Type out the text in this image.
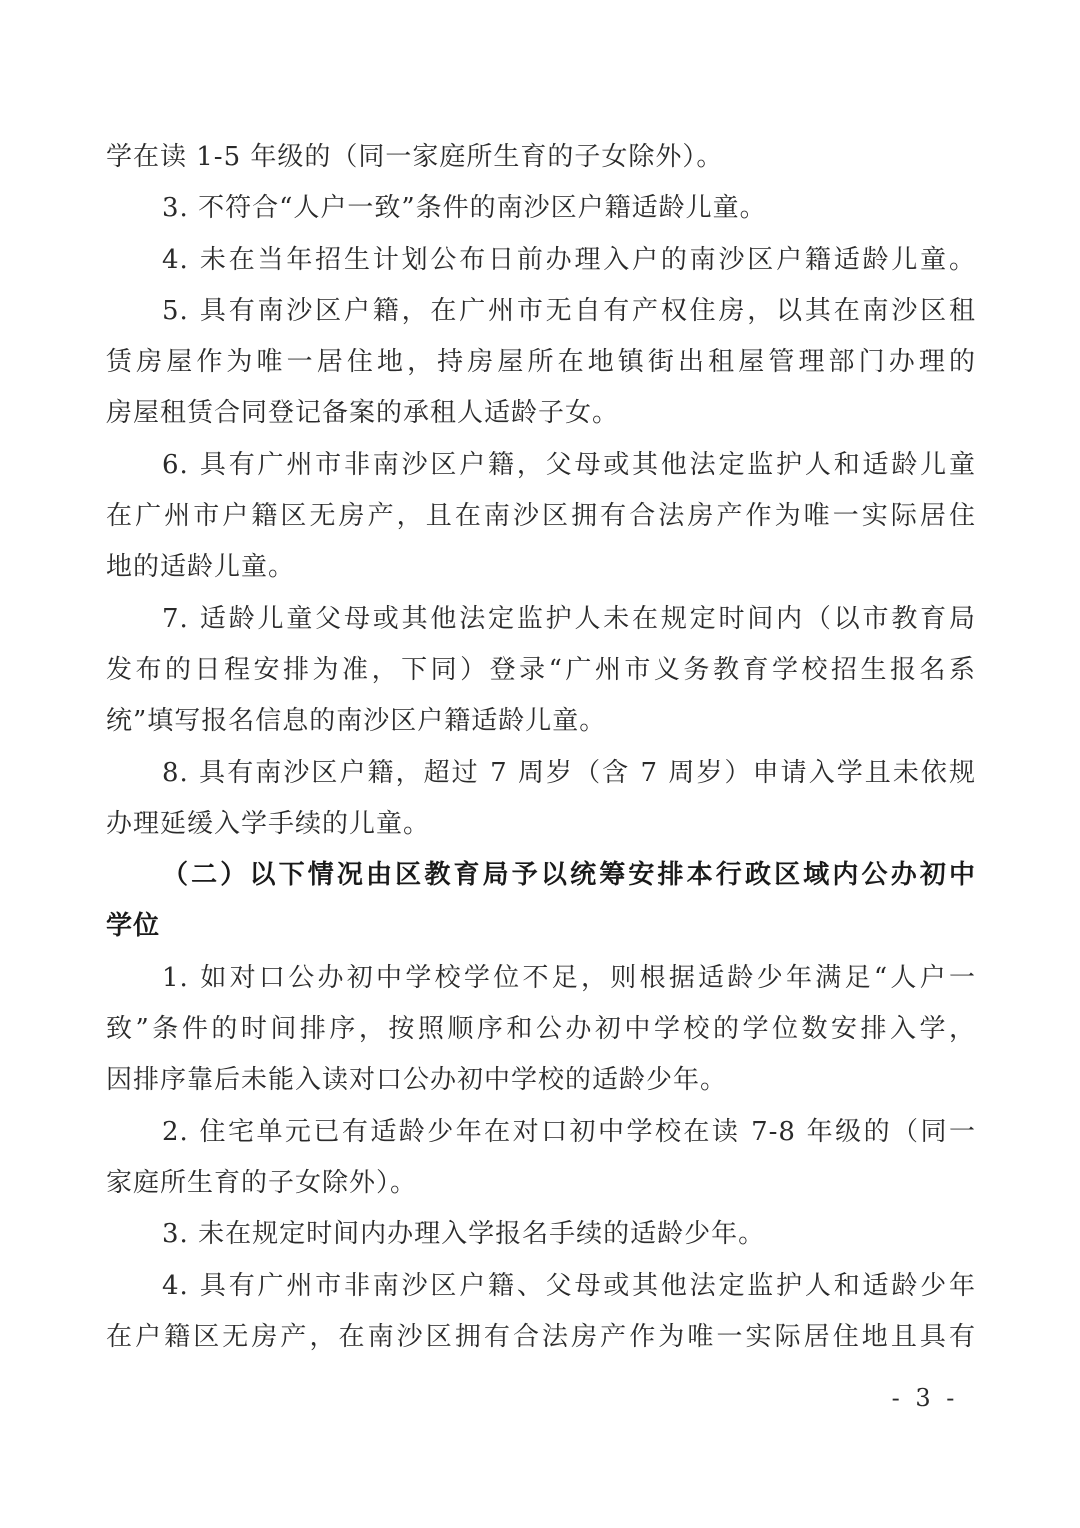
学在读 1-5 年级的（同一家庭所生育的子女除外）。
3. 不符合“人户一致”条件的南沙区户籍适龄儿童。
4. 未在当年招生计划公布日前办理入户的南沙区户籍适龄儿童。
5. 具有南沙区户籍，在广州市无自有产权住房，以其在南沙区租
赁房屋作为唯一居住地，持房屋所在地镇街出租屋管理部门办理的
房屋租赁合同登记备案的承租人适龄子女。
6. 具有广州市非南沙区户籍，父母或其他法定监护人和适龄儿童
在广州市户籍区无房产，且在南沙区拥有合法房产作为唯一实际居住
地的适龄儿童。
7. 适龄儿童父母或其他法定监护人未在规定时间内（以市教育局
发布的日程安排为准，下同）登录“广州市义务教育学校招生报名系
统”填写报名信息的南沙区户籍适龄儿童。
8. 具有南沙区户籍，超过 7 周岁（含 7 周岁）申请入学且未依规
办理延缓入学手续的儿童。
（二）以下情况由区教育局予以统筹安排本行政区域内公办初中
学位
1. 如对口公办初中学校学位不足，则根据适龄少年满足“人户一
致”条件的时间排序，按照顺序和公办初中学校的学位数安排入学，
因排序靠后未能入读对口公办初中学校的适龄少年。
2. 住宅单元已有适龄少年在对口初中学校在读 7-8 年级的（同一
家庭所生育的子女除外）。
3. 未在规定时间内办理入学报名手续的适龄少年。
4. 具有广州市非南沙区户籍、父母或其他法定监护人和适龄少年
在户籍区无房产，在南沙区拥有合法房产作为唯一实际居住地且具有
- 3 -
